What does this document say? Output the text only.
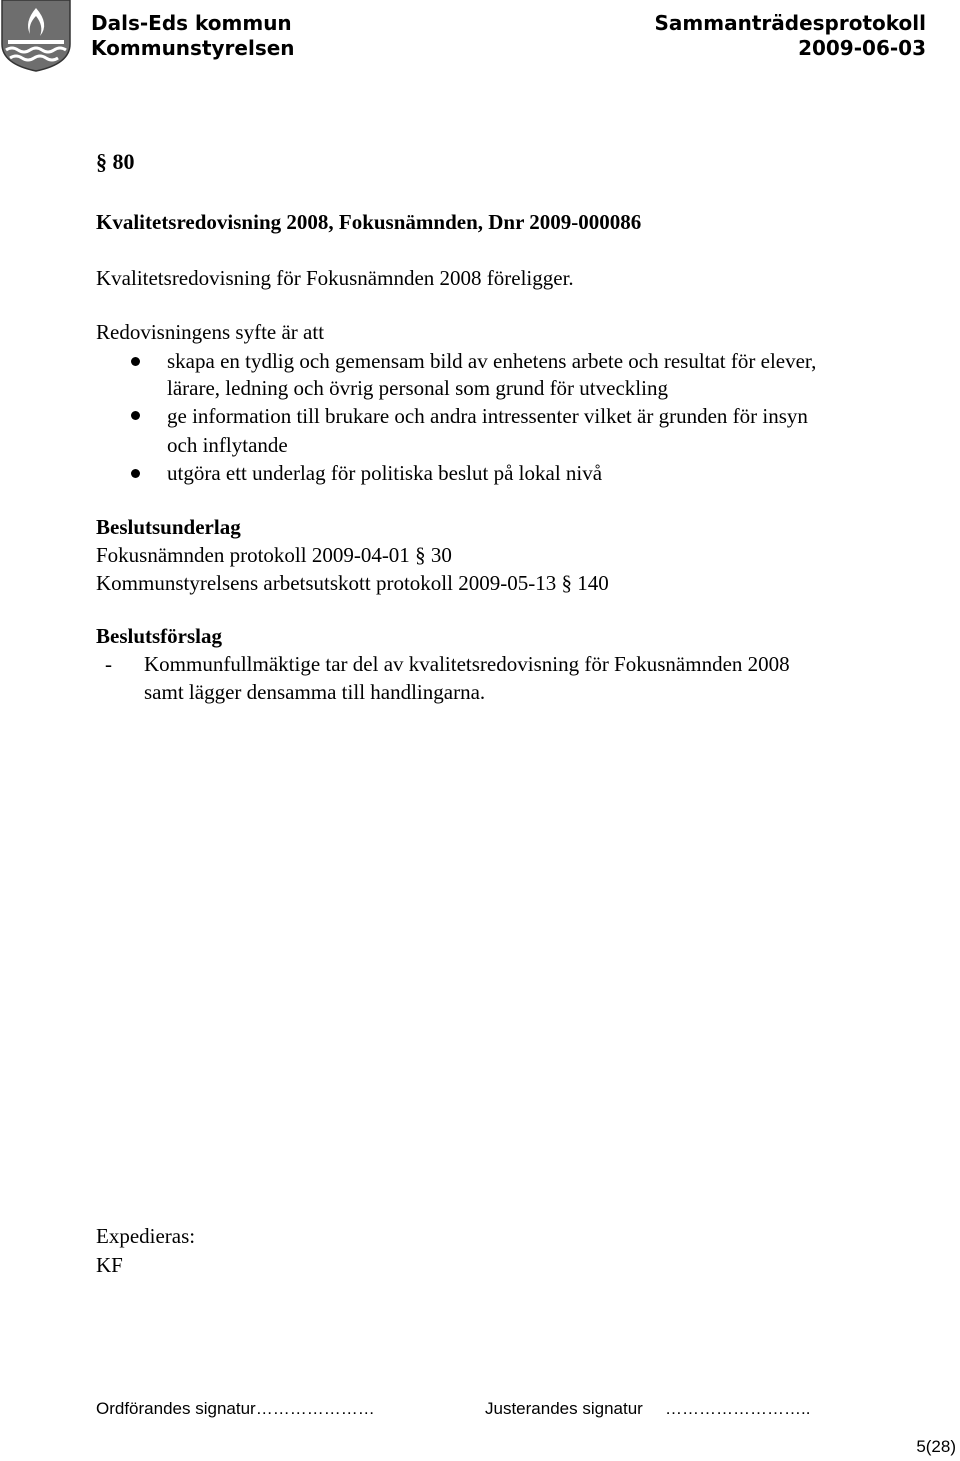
Dals-Eds kommun
Kommunstyrelsen
Sammanträdesprotokoll
2009-06-03
§ 80
Kvalitetsredovisning 2008, Fokusnämnden, Dnr 2009-000086
Kvalitetsredovisning för Fokusnämnden 2008 föreligger.
Redovisningens syfte är att
skapa en tydlig och gemensam bild av enhetens arbete och resultat för elever,
lärare, ledning och övrig personal som grund för utveckling
ge information till brukare och andra intressenter vilket är grunden för insyn
och inflytande
utgöra ett underlag för politiska beslut på lokal nivå
Beslutsunderlag
Fokusnämnden protokoll 2009-04-01 § 30
Kommunstyrelsens arbetsutskott protokoll 2009-05-13 § 140
Beslutsförslag
- Kommunfullmäktige tar del av kvalitetsredovisning för Fokusnämnden 2008
samt lägger densamma till handlingarna.
Expedieras:
KF
Ordförandes signatur…………………	Justerandes signatur ……………………..
5(28)
